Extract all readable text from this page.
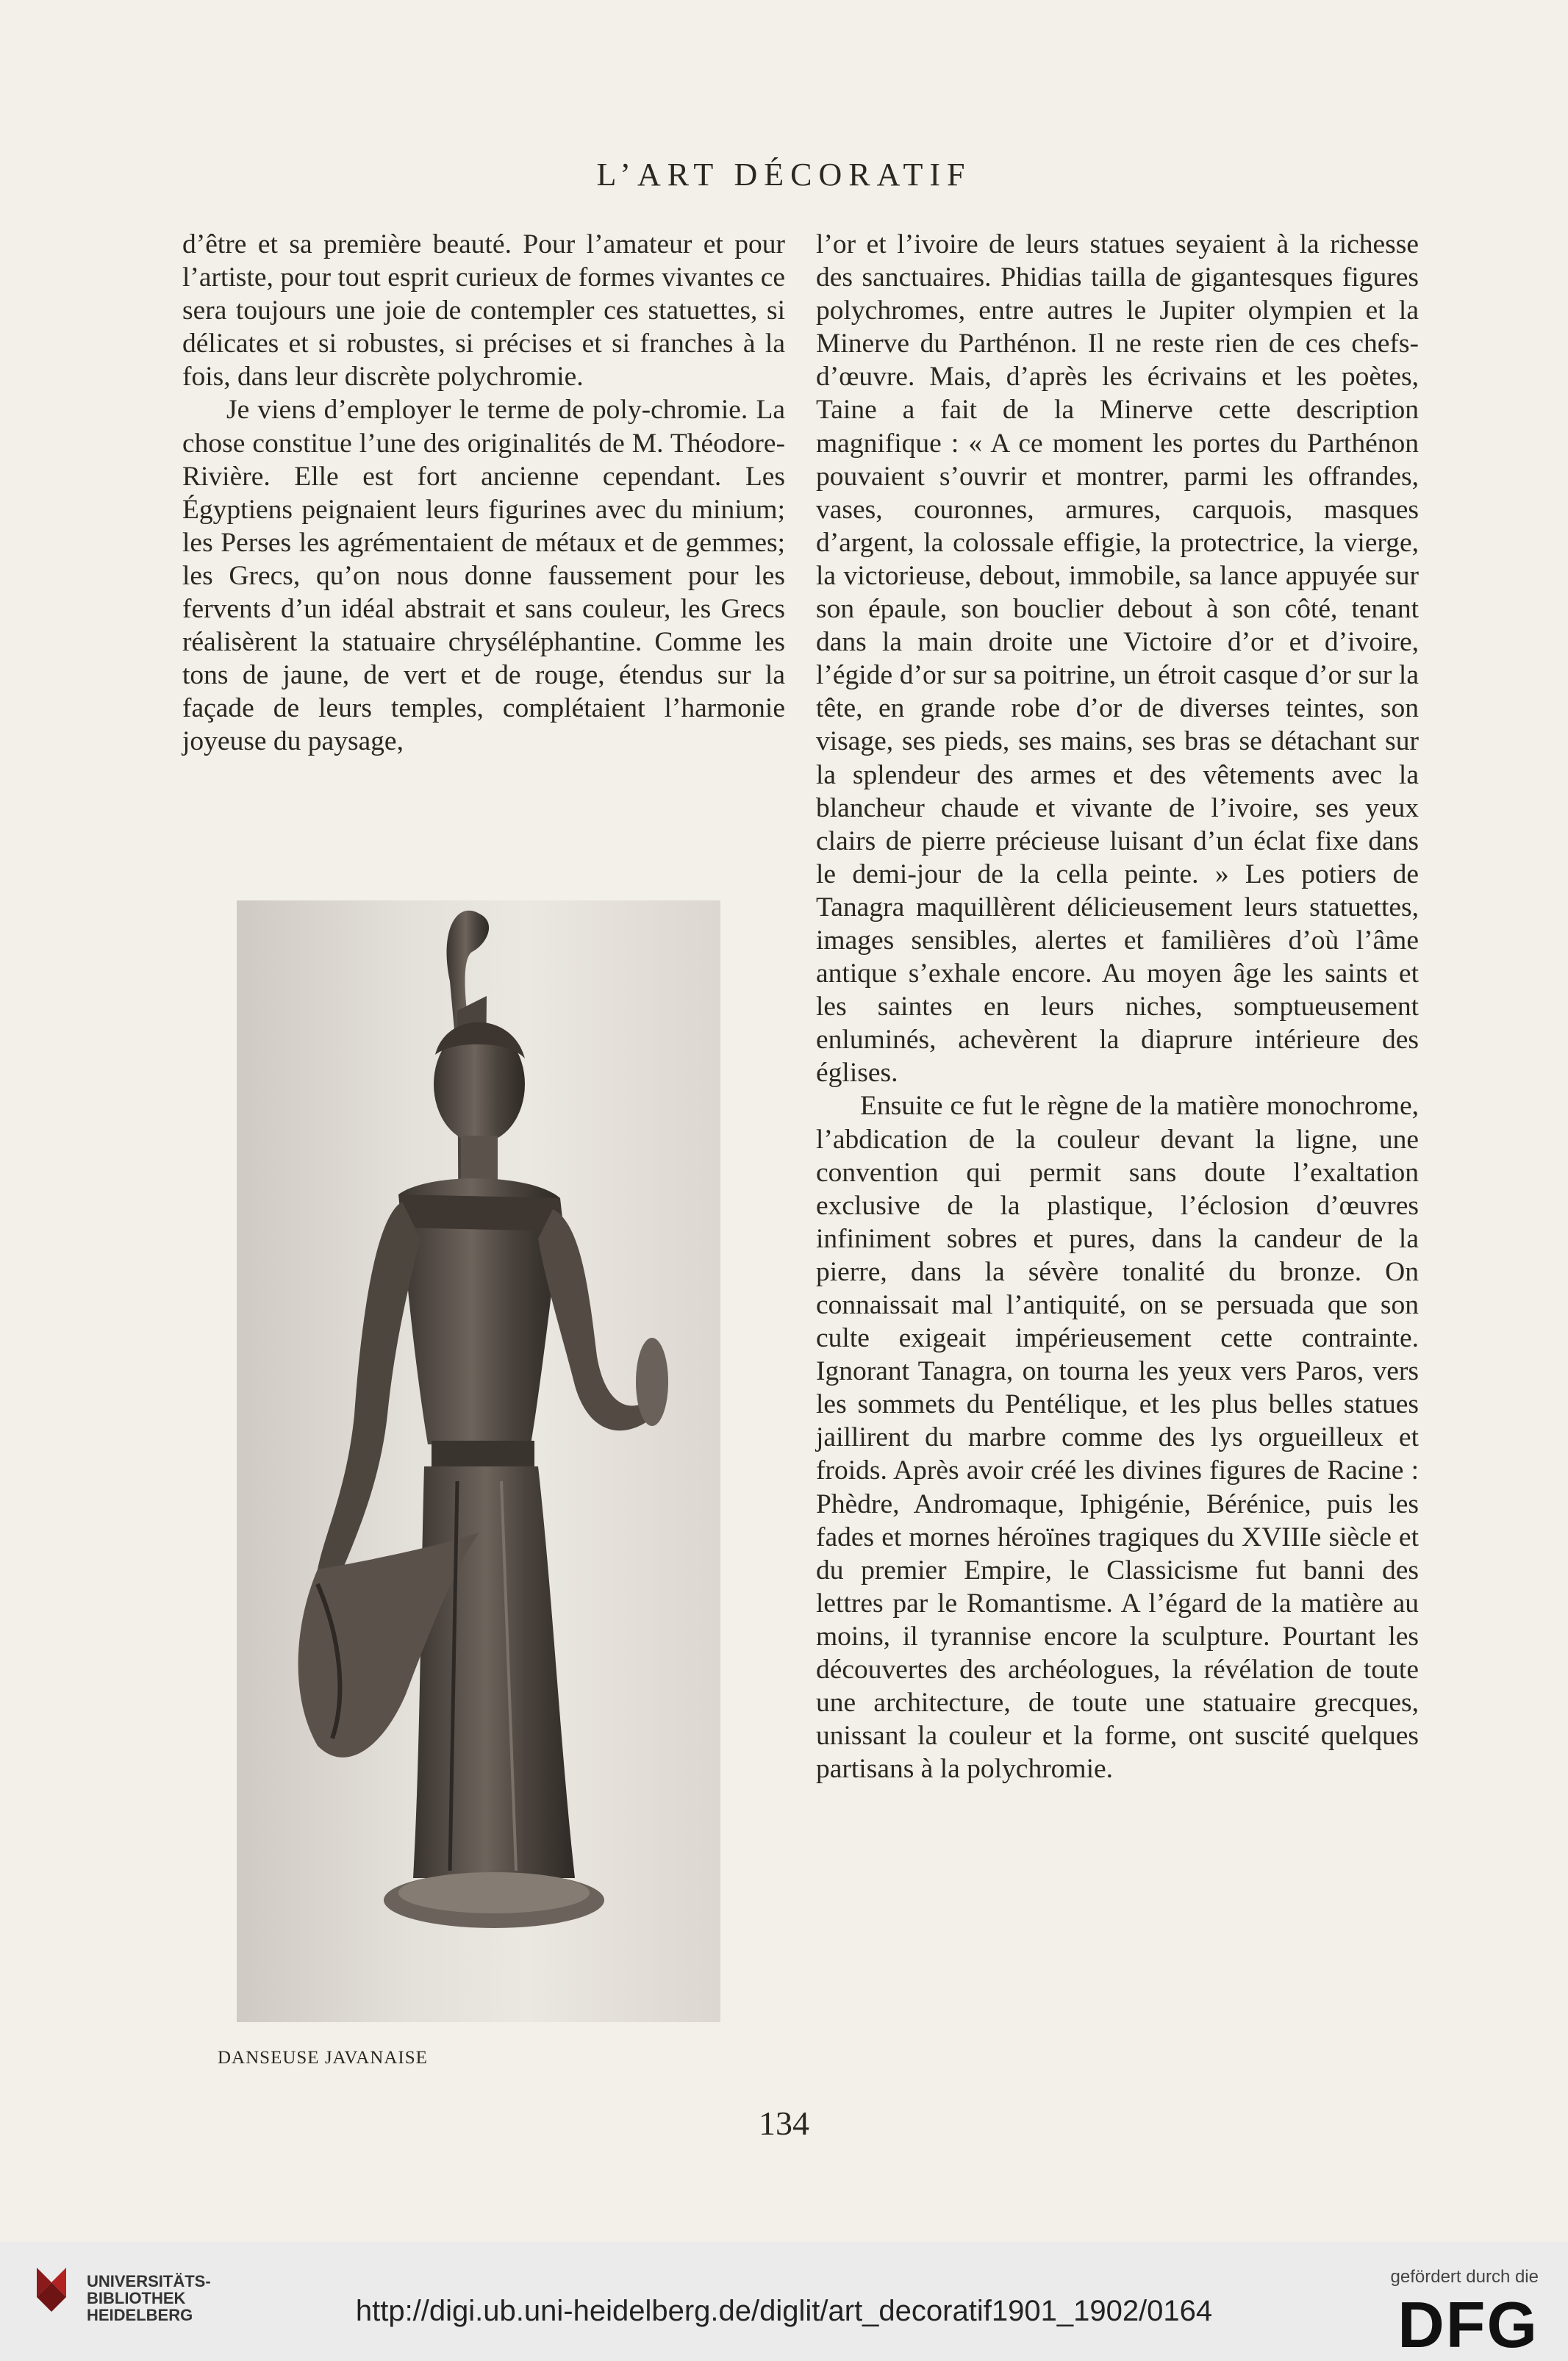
L’ART DÉCORATIF

d’être et sa première beauté. Pour l’amateur et pour l’artiste, pour tout esprit curieux de formes vivantes ce sera toujours une joie de contempler ces statuettes, si délicates et si robustes, si précises et si franches à la fois, dans leur discrète polychromie.

Je viens d’employer le terme de poly-chromie. La chose constitue l’une des originalités de M. Théodore-Rivière. Elle est fort ancienne cependant. Les Égyptiens peignaient leurs figurines avec du minium; les Perses les agrémentaient de métaux et de gemmes; les Grecs, qu’on nous donne faussement pour les fervents d’un idéal abstrait et sans couleur, les Grecs réalisèrent la statuaire chryséléphantine. Comme les tons de jaune, de vert et de rouge, étendus sur la façade de leurs temples, complétaient l’harmonie joyeuse du paysage,

l’or et l’ivoire de leurs statues seyaient à la richesse des sanctuaires. Phidias tailla de gigantesques figures polychromes, entre autres le Jupiter olympien et la Minerve du Parthénon. Il ne reste rien de ces chefs-d’œuvre. Mais, d’après les écrivains et les poètes, Taine a fait de la Minerve cette description magnifique : « A ce moment les portes du Parthénon pouvaient s’ouvrir et montrer, parmi les offrandes, vases, couronnes, armures, carquois, masques d’argent, la colossale effigie, la protectrice, la vierge, la victorieuse, debout, immobile, sa lance appuyée sur son épaule, son bouclier debout à son côté, tenant dans la main droite une Victoire d’or et d’ivoire, l’égide d’or sur sa poitrine, un étroit casque d’or sur la tête, en grande robe d’or de diverses teintes, son visage, ses pieds, ses mains, ses bras se détachant sur la splendeur des armes et des vêtements avec la blancheur chaude et vivante de l’ivoire, ses yeux clairs de pierre précieuse luisant d’un éclat fixe dans le demi-jour de la cella peinte. » Les potiers de Tanagra maquillèrent délicieusement leurs statuettes, images sensibles, alertes et familières d’où l’âme antique s’exhale encore. Au moyen âge les saints et les saintes en leurs niches, somptueusement enluminés, achevèrent la diaprure intérieure des églises.

Ensuite ce fut le règne de la matière monochrome, l’abdication de la couleur devant la ligne, une convention qui permit sans doute l’exaltation exclusive de la plastique, l’éclosion d’œuvres infiniment sobres et pures, dans la candeur de la pierre, dans la sévère tonalité du bronze. On connaissait mal l’antiquité, on se persuada que son culte exigeait impérieusement cette contrainte. Ignorant Tanagra, on tourna les yeux vers Paros, vers les sommets du Pentélique, et les plus belles statues jaillirent du marbre comme des lys orgueilleux et froids. Après avoir créé les divines figures de Racine : Phèdre, Andromaque, Iphigénie, Bérénice, puis les fades et mornes héroïnes tragiques du XVIIIe siècle et du premier Empire, le Classicisme fut banni des lettres par le Romantisme. A l’égard de la matière au moins, il tyrannise encore la sculpture. Pourtant les découvertes des archéologues, la révélation de toute une architecture, de toute une statuaire grecques, unissant la couleur et la forme, ont suscité quelques partisans à la polychromie.

DANSEUSE JAVANAISE
134
UNIVERSITÄTS-
BIBLIOTHEK
HEIDELBERG	http://digi.ub.uni-heidelberg.de/diglit/art_decoratif1901_1902/0164
gefördert durch die
DFG
